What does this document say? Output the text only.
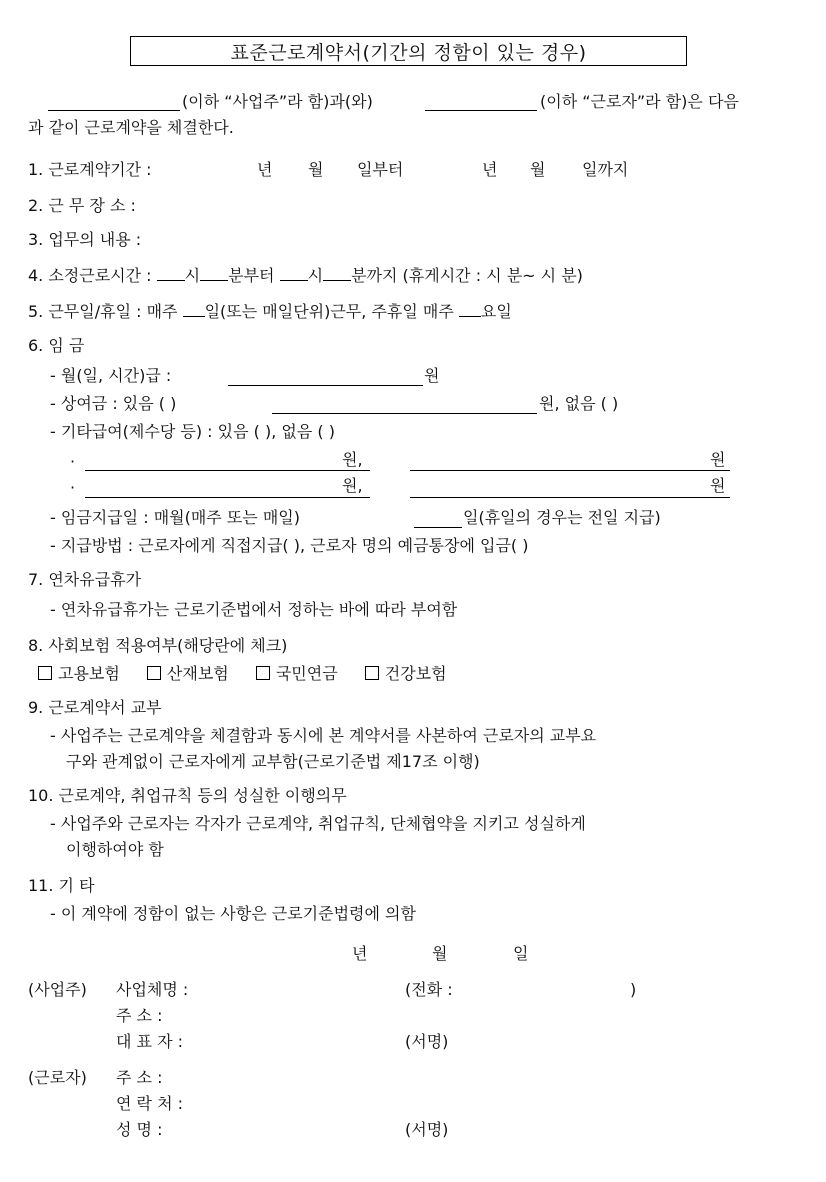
표준근로계약서(기간의 정함이 있는 경우)
(이하 “사업주”라 함)과(와)	(이하 “근로자”라 함)은 다음
과 같이 근로계약을 체결한다.
1. 근로계약기간 :	년 월 일부터	년 월 일까지
2. 근 무 장 소 :
3. 업무의 내용 :
4. 소정근로시간 : 시 분부터 시 분까지 (휴게시간 : 시 분~ 시 분)
5. 근무일/휴일 : 매주 일(또는 매일단위)근무, 주휴일 매주 요일
6. 임 금
- 월(일, 시간)급 :	원
- 상여금 : 있음 ( )	원, 없음 ( )
- 기타급여(제수당 등) : 있음 ( ), 없음 ( )
·	원,	원
·	원,	원
- 임금지급일 : 매월(매주 또는 매일)	일(휴일의 경우는 전일 지급)
- 지급방법 : 근로자에게 직접지급( ), 근로자 명의 예금통장에 입금( )
7. 연차유급휴가
- 연차유급휴가는 근로기준법에서 정하는 바에 따라 부여함
8. 사회보험 적용여부(해당란에 체크)
고용보험	산재보험	국민연금	건강보험
9. 근로계약서 교부
- 사업주는 근로계약을 체결함과 동시에 본 계약서를 사본하여 근로자의 교부요
구와 관계없이 근로자에게 교부함(근로기준법 제17조 이행)
10. 근로계약, 취업규칙 등의 성실한 이행의무
- 사업주와 근로자는 각자가 근로계약, 취업규칙, 단체협약을 지키고 성실하게
이행하여야 함
11. 기 타
- 이 계약에 정함이 없는 사항은 근로기준법령에 의함
년	월	일
(사업주) 사업체명 :	(전화 :	)
주 소 :
대 표 자 :	(서명)
(근로자) 주 소 :
연 락 처 :
성 명 :	(서명)
